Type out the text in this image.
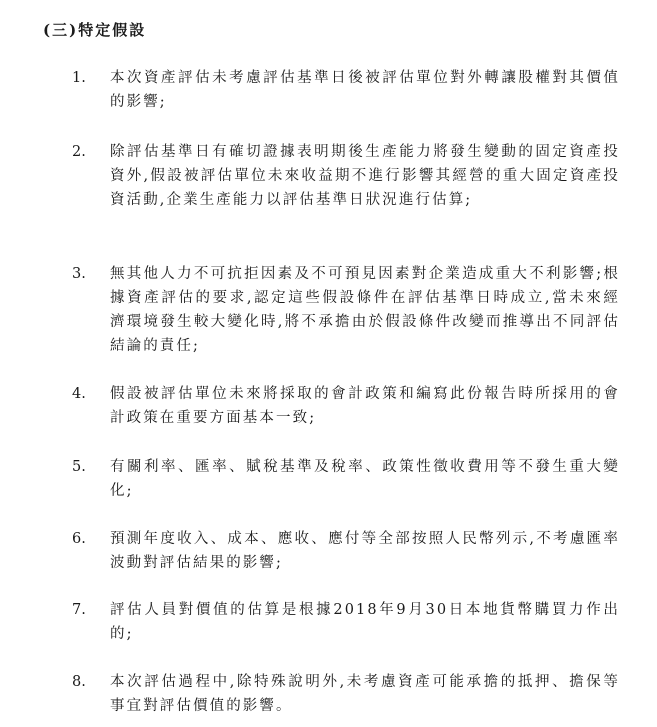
(三)特定假設
1.	本次資產評估未考慮評估基準日後被評估單位對外轉讓股權對其價值的影響;
2.	除評估基準日有確切證據表明期後生產能力將發生變動的固定資產投資外,假設被評估單位未來收益期不進行影響其經營的重大固定資產投資活動,企業生產能力以評估基準日狀況進行估算;
3.	無其他人力不可抗拒因素及不可預見因素對企業造成重大不利影響;根據資產評估的要求,認定這些假設條件在評估基準日時成立,當未來經濟環境發生較大變化時,將不承擔由於假設條件改變而推導出不同評估結論的責任;
4.	假設被評估單位未來將採取的會計政策和編寫此份報告時所採用的會計政策在重要方面基本一致;
5.	有關利率、匯率、賦稅基準及稅率、政策性徵收費用等不發生重大變化;
6.	預測年度收入、成本、應收、應付等全部按照人民幣列示,不考慮匯率波動對評估結果的影響;
7.	評估人員對價值的估算是根據2018年9月30日本地貨幣購買力作出的;
8.	本次評估過程中,除特殊說明外,未考慮資產可能承擔的抵押、擔保等事宜對評估價值的影響。
